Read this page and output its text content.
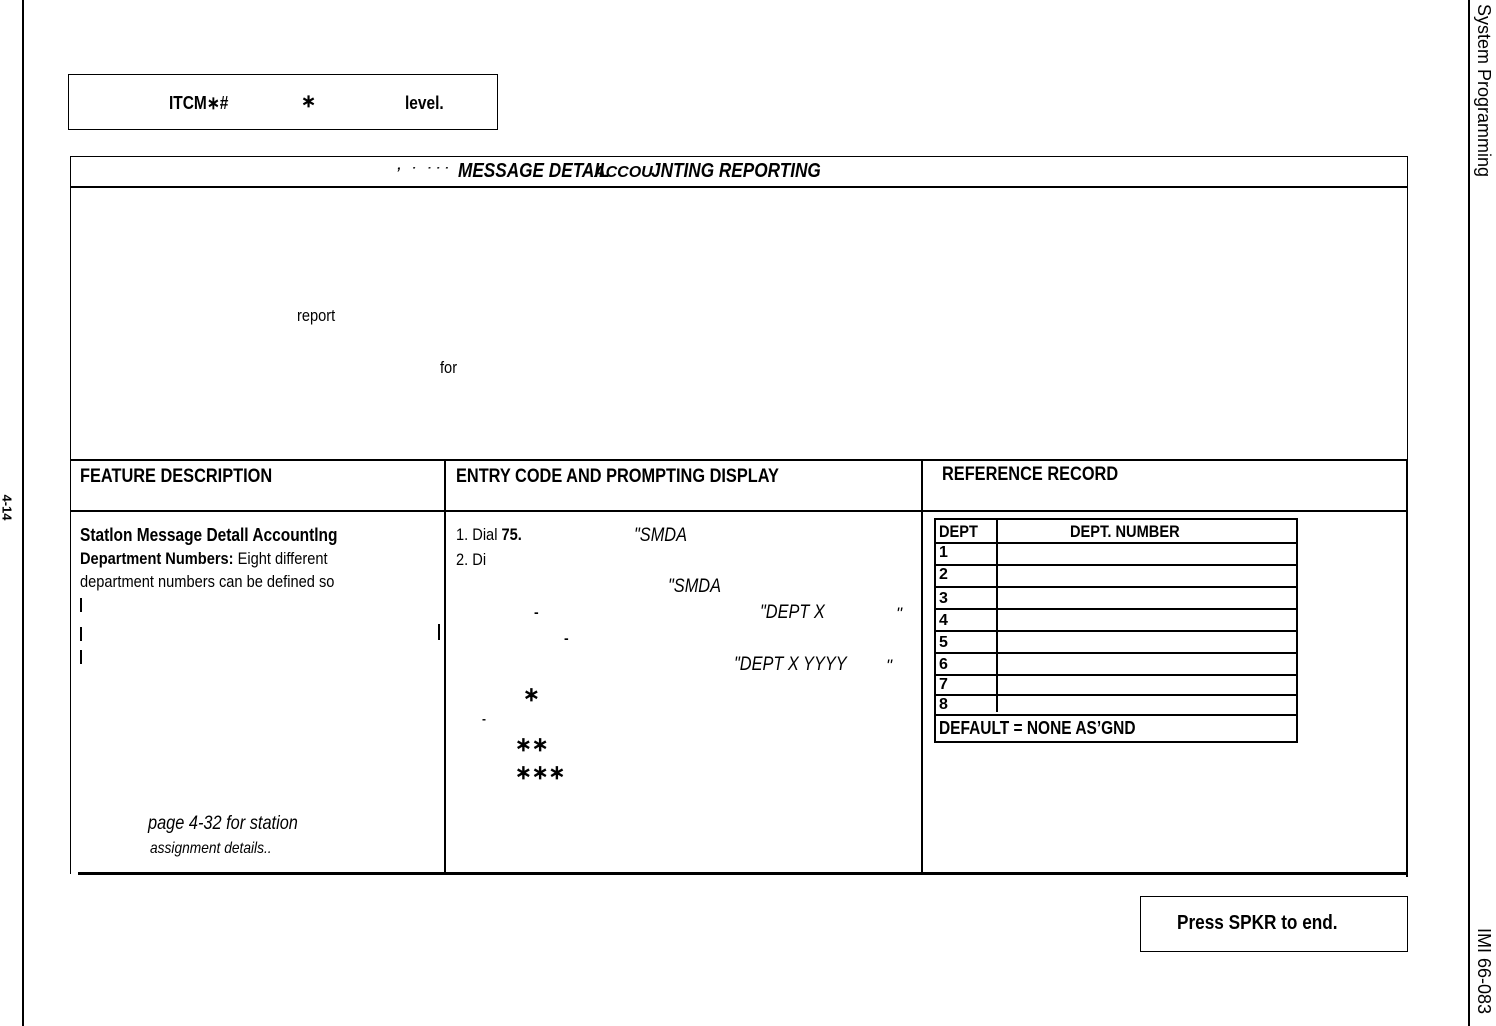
4-14
System Programming
IMI 66-083
ITCM∗#	∗	level.
’ ˙ ˙˙˙ MESSAGE DETAILACCOUJNTING REPORTING
report
for
FEATURE DESCRIPTION	ENTRY CODE AND PROMPTING DISPLAY	REFERENCE RECORD
Statlon Message Detall Accountlng
Department Numbers: Eight different
department numbers can be defined so
page 4-32 for station
assignment details..
1. Dial 75.	"SMDA
2. Di
"SMDA
-	"DEPT X	"
-
"DEPT X YYYY	"
∗
-
∗∗
∗∗∗
DEPT	DEPT. NUMBER
1
2
3
4
5
6
7
8
DEFAULT = NONE AS’GND
Press SPKR to end.
